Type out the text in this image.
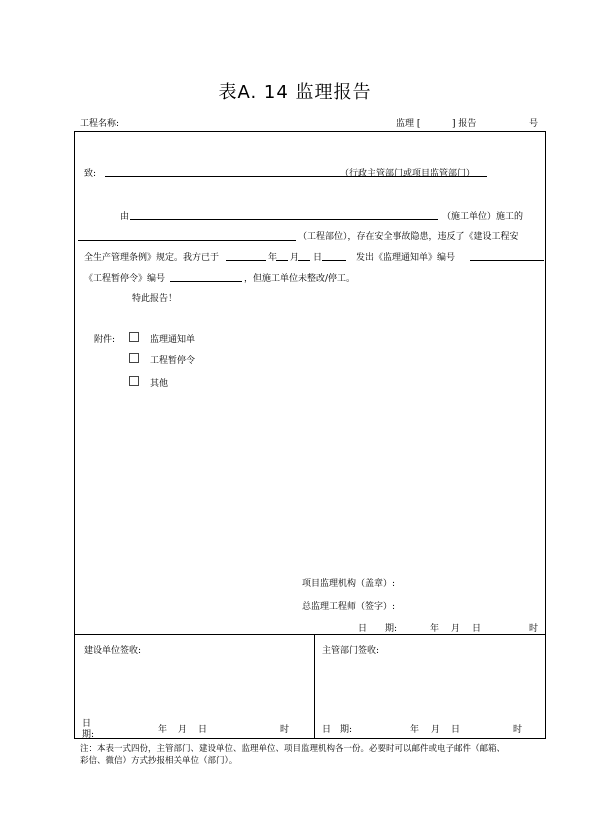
表A. 14 监理报告
工程名称:	监理 [	] 报告	号
致:	（行政主管部门或项目监管部门）
由	（施工单位）施工的
（工程部位），存在安全事故隐患，违反了《建设工程安
全生产管理条例》规定。我方已于	年 月 日	发出《监理通知单》编号
《工程暂停令》编号	，但施工单位未整改/停工。
特此报告！
附件:	监理通知单
工程暂停令
其他
项目监理机构（盖章）:
总监理工程师（签字）:
日　　期:	年 月 日	时
建设单位签收:	主管部门签收:
日
期:	年 月 日	时	日　期:	年 月 日	时
注：本表一式四份，主管部门、建设单位、监理单位、项目监理机构各一份。必要时可以邮件或电子邮件（邮箱、
彩信、微信）方式抄报相关单位（部门）。
